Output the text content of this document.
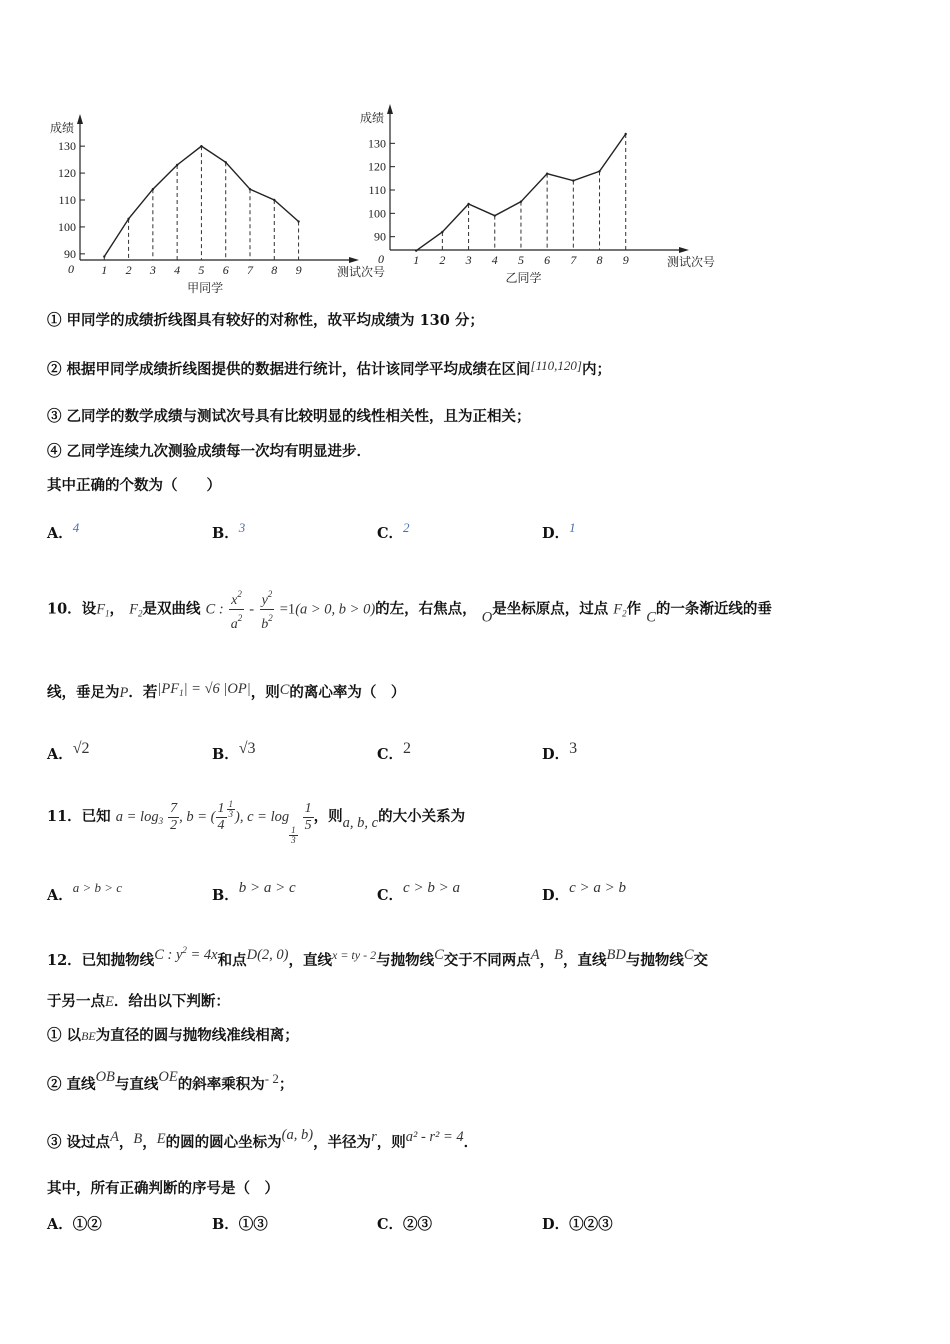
成绩
测试次号
0
甲同学
90
100
110
120
130
1 2 3 4 5 6 7 8 9
成绩
测试次号
0
乙同学
90
100
110
120
130
1 2 3 4 5 6 7 8 9
① 甲同学的成绩折线图具有较好的对称性，故平均成绩为 130 分；
② 根据甲同学成绩折线图提供的数据进行统计，估计该同学平均成绩在区间[110,120]内；
③ 乙同学的数学成绩与测试次号具有比较明显的线性相关性，且为正相关；
④ 乙同学连续九次测验成绩每一次均有明显进步．
其中正确的个数为（　　）
A．4	B．3	C．2	D．1
10．设$F_1$， $F_2$是双曲线 C : $\frac{x^2}{a^2} - \frac{y^2}{b^2} =1(a > 0$, b > 0)的左，右焦点， O是坐标原点，过点 $F_2$作 C的一条渐近线的垂
线，垂足为P．若|PF1| = √6 |OP|，则C的离心率为（　）
A．√2	B．√3	C．2	D．3
11．已知 $a = \log_3 \frac{7}{2}$ , b = ( $\frac{1}{4} \frac{1}{3}$ ), c = log
$\frac{1}{3}$

$\frac{1}{5}$ ，则a, b, c的大小关系为
A．a > b > c	B．b > a > c	C．c > b > a	D．c > a > b
12．已知抛物线C : $y^2 = 4x$和点D(2, 0)，直线$^{x = ty - 2}$与抛物线C交于不同两点A，B，直线BD与抛物线C交
于另一点E．给出以下判断：
① 以BE为直径的圆与抛物线准线相离；
② 直线OB与直线OE的斜率乘积为- 2；
③ 设过点A，B，E的圆的圆心坐标为(a, b)，半径为r，则a² - r² = 4．
其中，所有正确判断的序号是（　）
A．①②	B．①③	C．②③	D．①②③
